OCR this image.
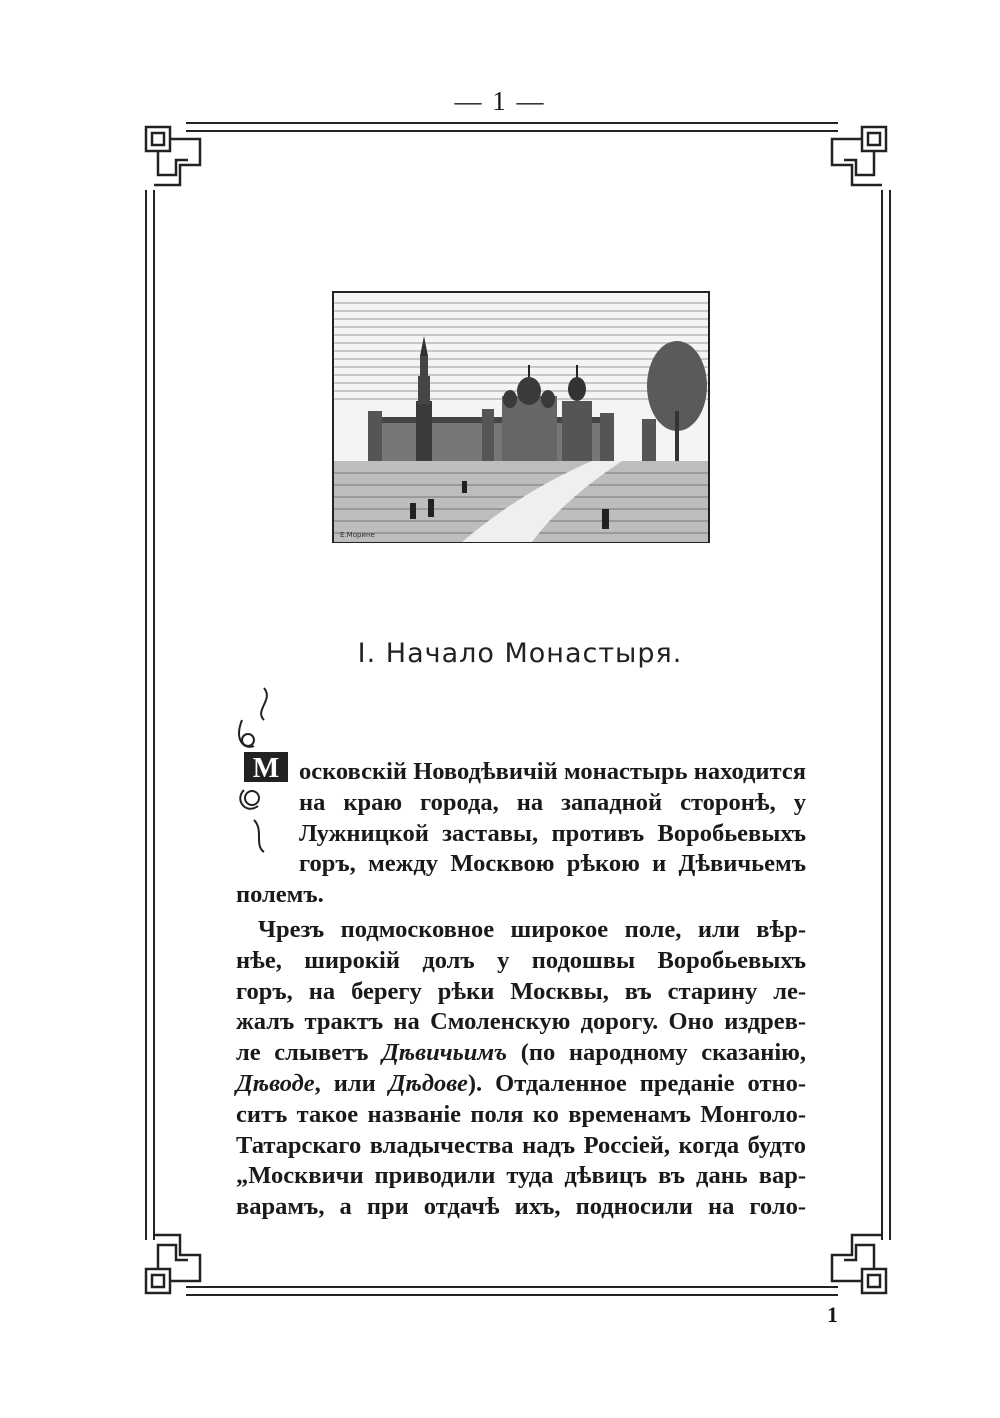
— 1 —
Е.Морине
I. Начало Монастыря.
М осковскій Новодѣвичій монастырь находится
на краю города, на западной сторонѣ, у
Лужницкой заставы, противъ Воробьевыхъ
горъ, между Москвою рѣкою и Дѣвичьемъ
полемъ.
Чрезъ подмосковное широкое поле, или вѣр-
нѣе, широкій долъ у подошвы Воробьевыхъ
горъ, на берегу рѣки Москвы, въ старину ле-
жалъ трактъ на Смоленскую дорогу. Оно издрев-
ле слыветъ Дѣвичьимъ (по народному сказанію,
Дѣводе, или Дѣдове). Отдаленное преданіе отно-
ситъ такое названіе поля ко временамъ Монголо-
Татарскаго владычества надъ Россіей, когда будто
„Москвичи приводили туда дѣвицъ въ дань вар-
варамъ, а при отдачѣ ихъ, подносили на голо-
1
